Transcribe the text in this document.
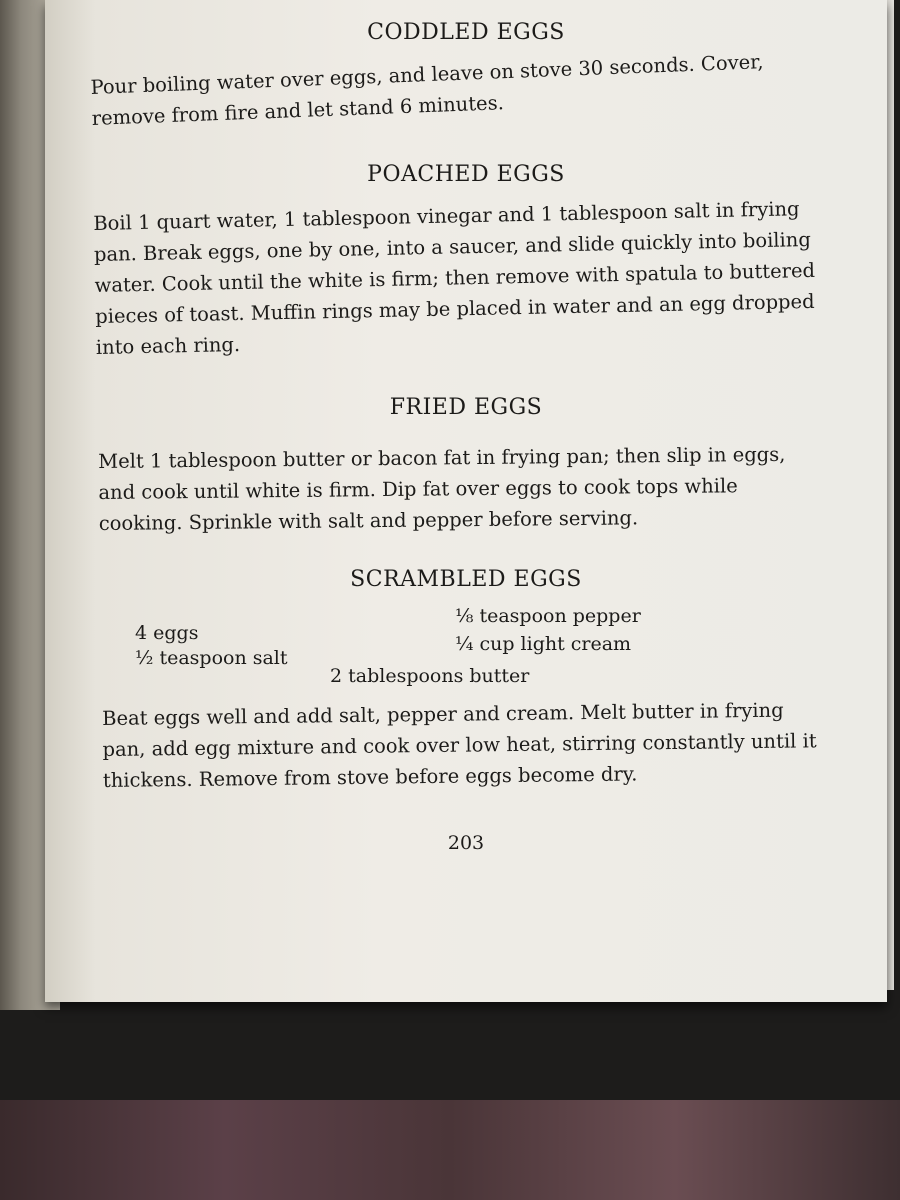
CODDLED EGGS

Pour boiling water over eggs, and leave on stove 30 seconds. Cover, remove from fire and let stand 6 minutes.

POACHED EGGS

Boil 1 quart water, 1 tablespoon vinegar and 1 tablespoon salt in frying pan. Break eggs, one by one, into a saucer, and slide quickly into boiling water. Cook until the white is firm; then remove with spatula to buttered pieces of toast. Muffin rings may be placed in water and an egg dropped into each ring.

FRIED EGGS

Melt 1 tablespoon butter or bacon fat in frying pan; then slip in eggs, and cook until white is firm. Dip fat over eggs to cook tops while cooking. Sprinkle with salt and pepper before serving.

SCRAMBLED EGGS

4 eggs

½ teaspoon salt

⅛ teaspoon pepper

¼ cup light cream

2 tablespoons butter

Beat eggs well and add salt, pepper and cream. Melt butter in frying pan, add egg mixture and cook over low heat, stirring constantly until it thickens. Remove from stove before eggs become dry.

203
